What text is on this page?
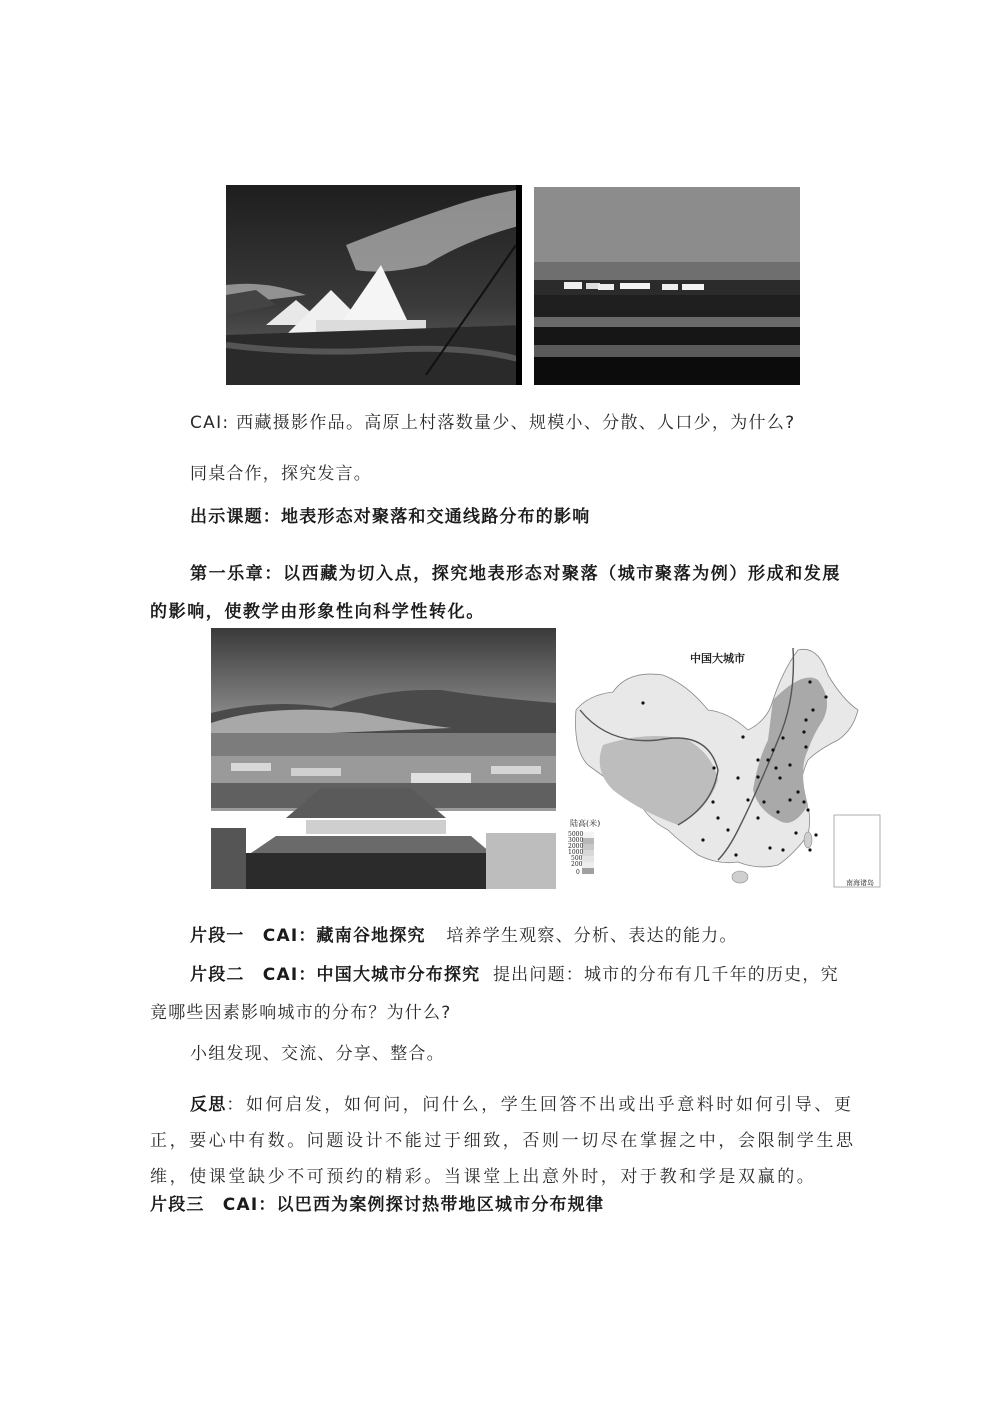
CAI: 西藏摄影作品。高原上村落数量少、规模小、分散、人口少，为什么?
同桌合作，探究发言。
出示课题：地表形态对聚落和交通线路分布的影响
第一乐章：以西藏为切入点，探究地表形态对聚落（城市聚落为例）形成和发展
的影响，使教学由形象性向科学性转化。
中国大城市
陆高(米)
5000
3000
2000
1000
500
200
0
南海诸岛
片段一　CAI：藏南谷地探究 培养学生观察、分析、表达的能力。
片段二　CAI：中国大城市分布探究 提出问题：城市的分布有几千年的历史，究
竟哪些因素影响城市的分布？为什么?
小组发现、交流、分享、整合。
反思：如何启发，如何问，问什么，学生回答不出或出乎意料时如何引导、更
正，要心中有数。问题设计不能过于细致，否则一切尽在掌握之中，会限制学生思
维，使课堂缺少不可预约的精彩。当课堂上出意外时，对于教和学是双赢的。
片段三　CAI：以巴西为案例探讨热带地区城市分布规律
